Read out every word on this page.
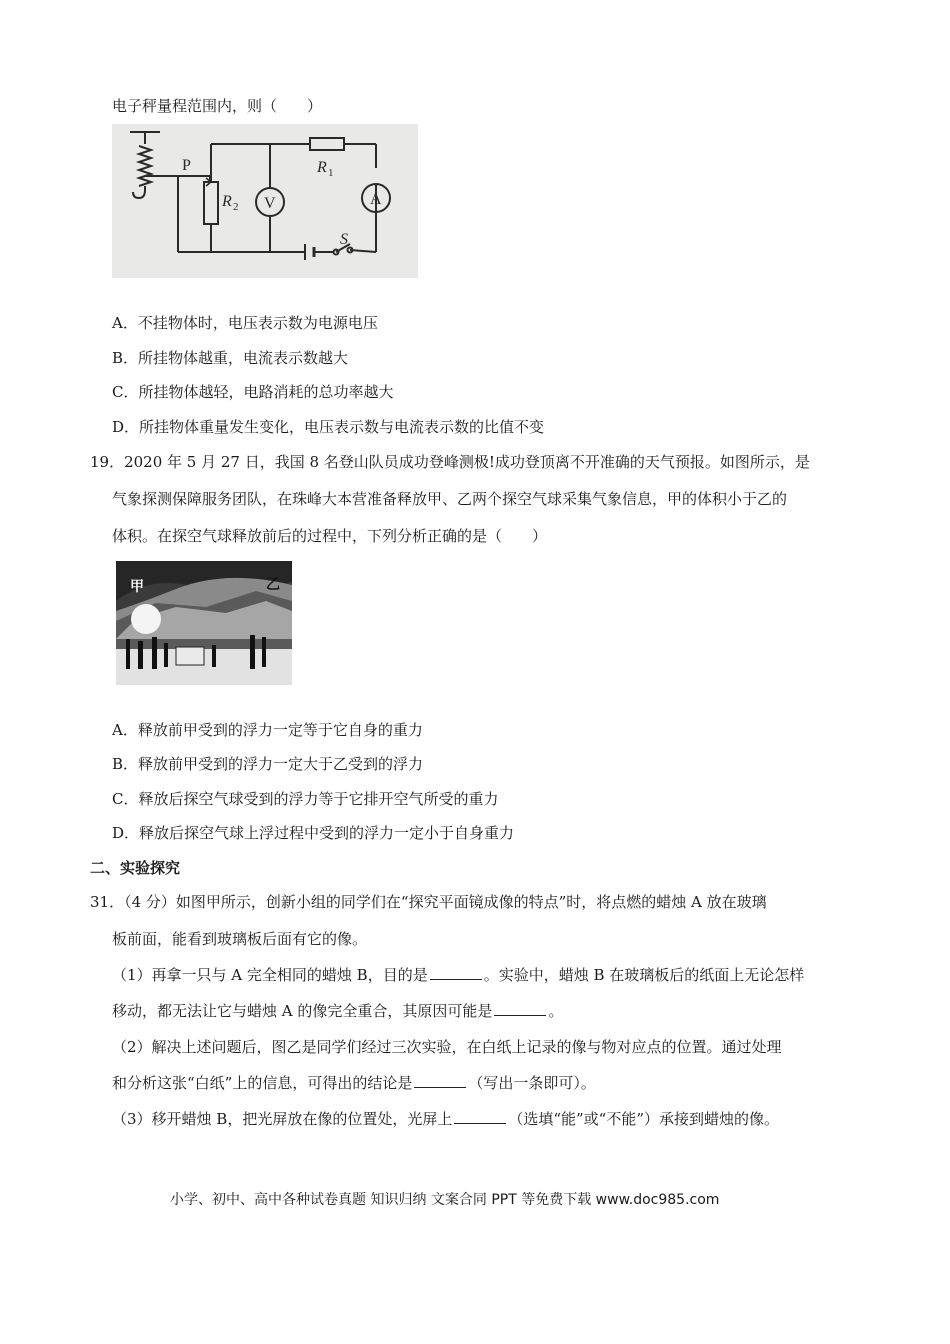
电子秤量程范围内，则（　　）
P
R 2
R 1
V	A
S
A．不挂物体时，电压表示数为电源电压
B．所挂物体越重，电流表示数越大
C．所挂物体越轻，电路消耗的总功率越大
D．所挂物体重量发生变化，电压表示数与电流表示数的比值不变
19．2020 年 5 月 27 日，我国 8 名登山队员成功登峰测极!成功登顶离不开准确的天气预报。如图所示，是
气象探测保障服务团队，在珠峰大本营准备释放甲、乙两个探空气球采集气象信息，甲的体积小于乙的
体积。在探空气球释放前后的过程中，下列分析正确的是（　　）
甲	乙
A．释放前甲受到的浮力一定等于它自身的重力
B．释放前甲受到的浮力一定大于乙受到的浮力
C．释放后探空气球受到的浮力等于它排开空气所受的重力
D．释放后探空气球上浮过程中受到的浮力一定小于自身重力
二、实验探究
31．（4 分）如图甲所示，创新小组的同学们在“探究平面镜成像的特点”时，将点燃的蜡烛 A 放在玻璃
板前面，能看到玻璃板后面有它的像。
（1）再拿一只与 A 完全相同的蜡烛 B，目的是	。实验中，蜡烛 B 在玻璃板后的纸面上无论怎样
移动，都无法让它与蜡烛 A 的像完全重合，其原因可能是	。
（2）解决上述问题后，图乙是同学们经过三次实验，在白纸上记录的像与物对应点的位置。通过处理
和分析这张“白纸”上的信息，可得出的结论是	（写出一条即可）。
（3）移开蜡烛 B，把光屏放在像的位置处，光屏上	（选填“能”或“不能”）承接到蜡烛的像。
小学、初中、高中各种试卷真题 知识归纳 文案合同 PPT 等免费下载 www.doc985.com
